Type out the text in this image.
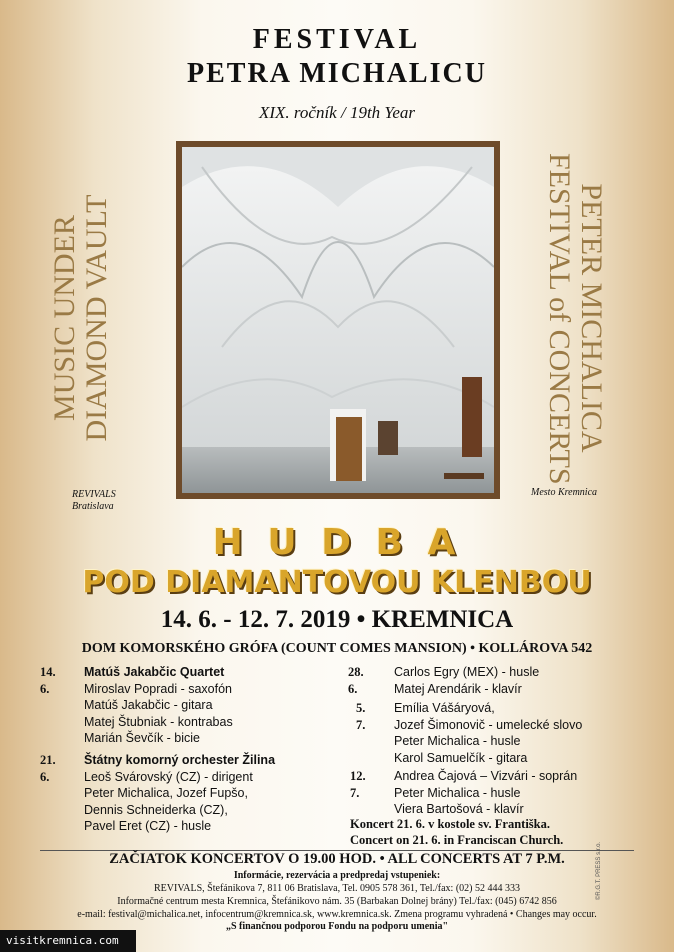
FESTIVAL
PETRA MICHALICU
XIX. ročník / 19th Year
MUSIC UNDER DIAMOND VAULT	PETER MICHALICA
FESTIVAL of CONCERTS
REVIVALS
Bratislava
Mesto Kremnica
H U D B A
POD DIAMANTOVOU KLENBOU
14. 6. - 12. 7. 2019 • KREMNICA
DOM KOMORSKÉHO GRÓFA (COUNT COMES MANSION) • KOLLÁROVA 542
14. 6.
Matúš Jakabčic Quartet
Miroslav Popradi - saxofón
Matúš Jakabčic - gitara
Matej Štubniak - kontrabas
Marián Ševčík - bicie
21. 6.
Štátny komorný orchester Žilina
Leoš Svárovský (CZ) - dirigent
Peter Michalica, Jozef Fupšo,
Dennis Schneiderka (CZ),
Pavel Eret (CZ) - husle
28. 6.
Carlos Egry (MEX) - husle
Matej Arendárik - klavír
5. 7.
Emília Vášáryová,
Jozef Šimonovič - umelecké slovo
Peter Michalica - husle
Karol Samuelčík - gitara
12. 7.
Andrea Čajová – Vizvári - soprán
Peter Michalica - husle
Viera Bartošová - klavír
Koncert 21. 6. v kostole sv. Františka.
Concert on 21. 6. in Franciscan Church.
ZAČIATOK KONCERTOV O 19.00 HOD. • ALL CONCERTS AT 7 P.M.
Informácie, rezervácia a predpredaj vstupeniek:
REVIVALS, Štefánikova 7, 811 06 Bratislava, Tel. 0905 578 361, Tel./fax: (02) 52 444 333
Informačné centrum mesta Kremnica, Štefánikovo nám. 35 (Barbakan Dolnej brány) Tel./fax: (045) 6742 856
e-mail: festival@michalica.net, infocentrum@kremnica.sk, www.kremnica.sk. Zmena programu vyhradená • Changes may occur.
„S finančnou podporou Fondu na podporu umenia"
©R.G.T. PRESS s.r.o.
visitkremnica.com
